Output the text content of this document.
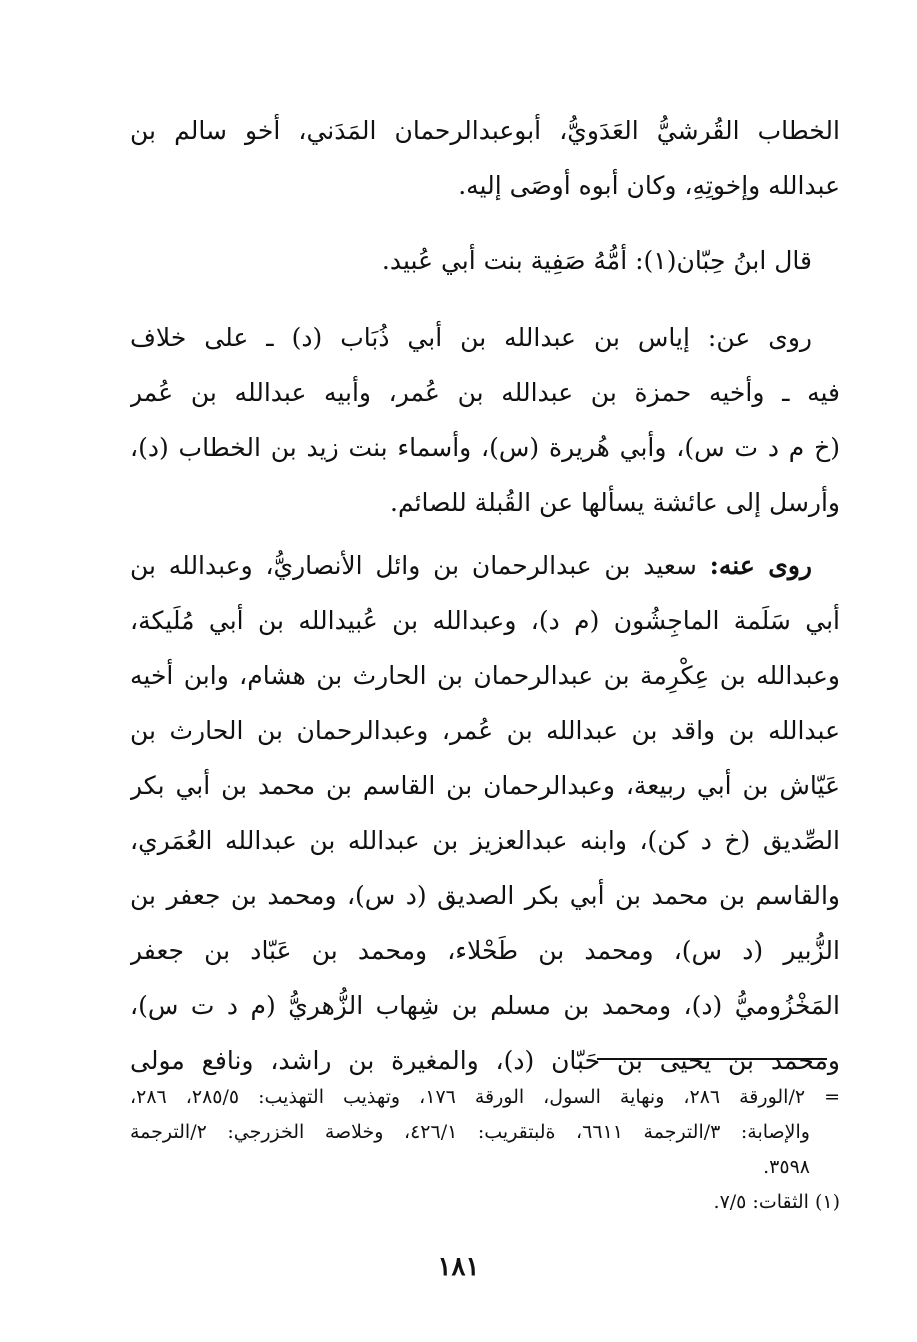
الخطاب القُرشيُّ العَدَويُّ، أبوعبدالرحمان المَدَني، أخو سالم بن
عبدالله وإخوتِهِ، وكان أبوه أوصَى إليه.
قال ابنُ حِبّان(١): أمُّهُ صَفِية بنت أبي عُبيد.
روى عن: إياس بن عبدالله بن أبي ذُبَاب (د) ـ على خلاف
فيه ـ وأخيه حمزة بن عبدالله بن عُمر، وأبيه عبدالله بن عُمر
(خ م د ت س)، وأبي هُريرة (س)، وأسماء بنت زيد بن الخطاب (د)،
وأرسل إلى عائشة يسألها عن القُبلة للصائم.
روى عنه: سعيد بن عبدالرحمان بن وائل الأنصاريُّ، وعبدالله بن
أبي سَلَمة الماجِشُون (م د)، وعبدالله بن عُبيدالله بن أبي مُلَيكة،
وعبدالله بن عِكْرِمة بن عبدالرحمان بن الحارث بن هشام، وابن أخيه
عبدالله بن واقد بن عبدالله بن عُمر، وعبدالرحمان بن الحارث بن
عَيّاش بن أبي ربيعة، وعبدالرحمان بن القاسم بن محمد بن أبي بكر
الصِّديق (خ د كن)، وابنه عبدالعزيز بن عبدالله بن عبدالله العُمَري،
والقاسم بن محمد بن أبي بكر الصديق (د س)، ومحمد بن جعفر بن
الزُّبير (د س)، ومحمد بن طَحْلاء، ومحمد بن عَبّاد بن جعفر
المَخْزُوميُّ (د)، ومحمد بن مسلم بن شِهاب الزُّهريُّ (م د ت س)،
ومحمد بن يحيى بن حَبّان (د)، والمغيرة بن راشد، ونافع مولى
= ٢/الورقة ٢٨٦، ونهاية السول، الورقة ١٧٦، وتهذيب التهذيب: ٢٨٥/٥، ٢٨٦،
والإصابة: ٣/الترجمة ٦٦١١، ةلبتقريب: ٤٢٦/١، وخلاصة الخزرجي: ٢/الترجمة
٣٥٩٨.
(١) الثقات: ٧/٥.
١٨١
